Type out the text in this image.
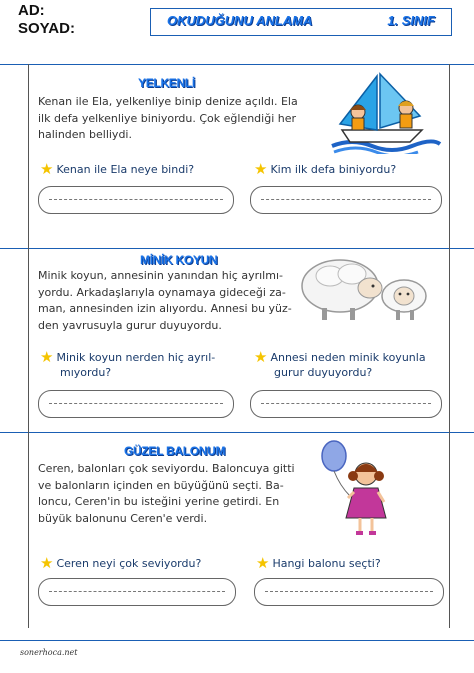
AD:
SOYAD:	OKUDUĞUNU ANLAMA	1. SINIF
YELKENLİ
Kenan ile Ela, yelkenliye binip denize açıldı. Ela
ilk defa yelkenliye biniyordu. Çok eğlendiği her
halinden belliydi.
★ Kenan ile Ela neye bindi?	★ Kim ilk defa biniyordu?
MİNİK KOYUN
Minik koyun, annesinin yanından hiç ayrılmı-
yordu. Arkadaşlarıyla oynamaya gideceği za-
man, annesinden izin alıyordu. Annesi bu yüz-
den yavrusuyla gurur duyuyordu.
★ Minik koyun nerden hiç ayrıl-
mıyordu?
★ Annesi neden minik koyunla
gurur duyuyordu?
GÜZEL BALONUM
Ceren, balonları çok seviyordu. Baloncuya gitti
ve balonların içinden en büyüğünü seçti. Ba-
loncu, Ceren'in bu isteğini yerine getirdi. En
büyük balonunu Ceren'e verdi.
★ Ceren neyi çok seviyordu?	★ Hangi balonu seçti?
sonerhoca.net
